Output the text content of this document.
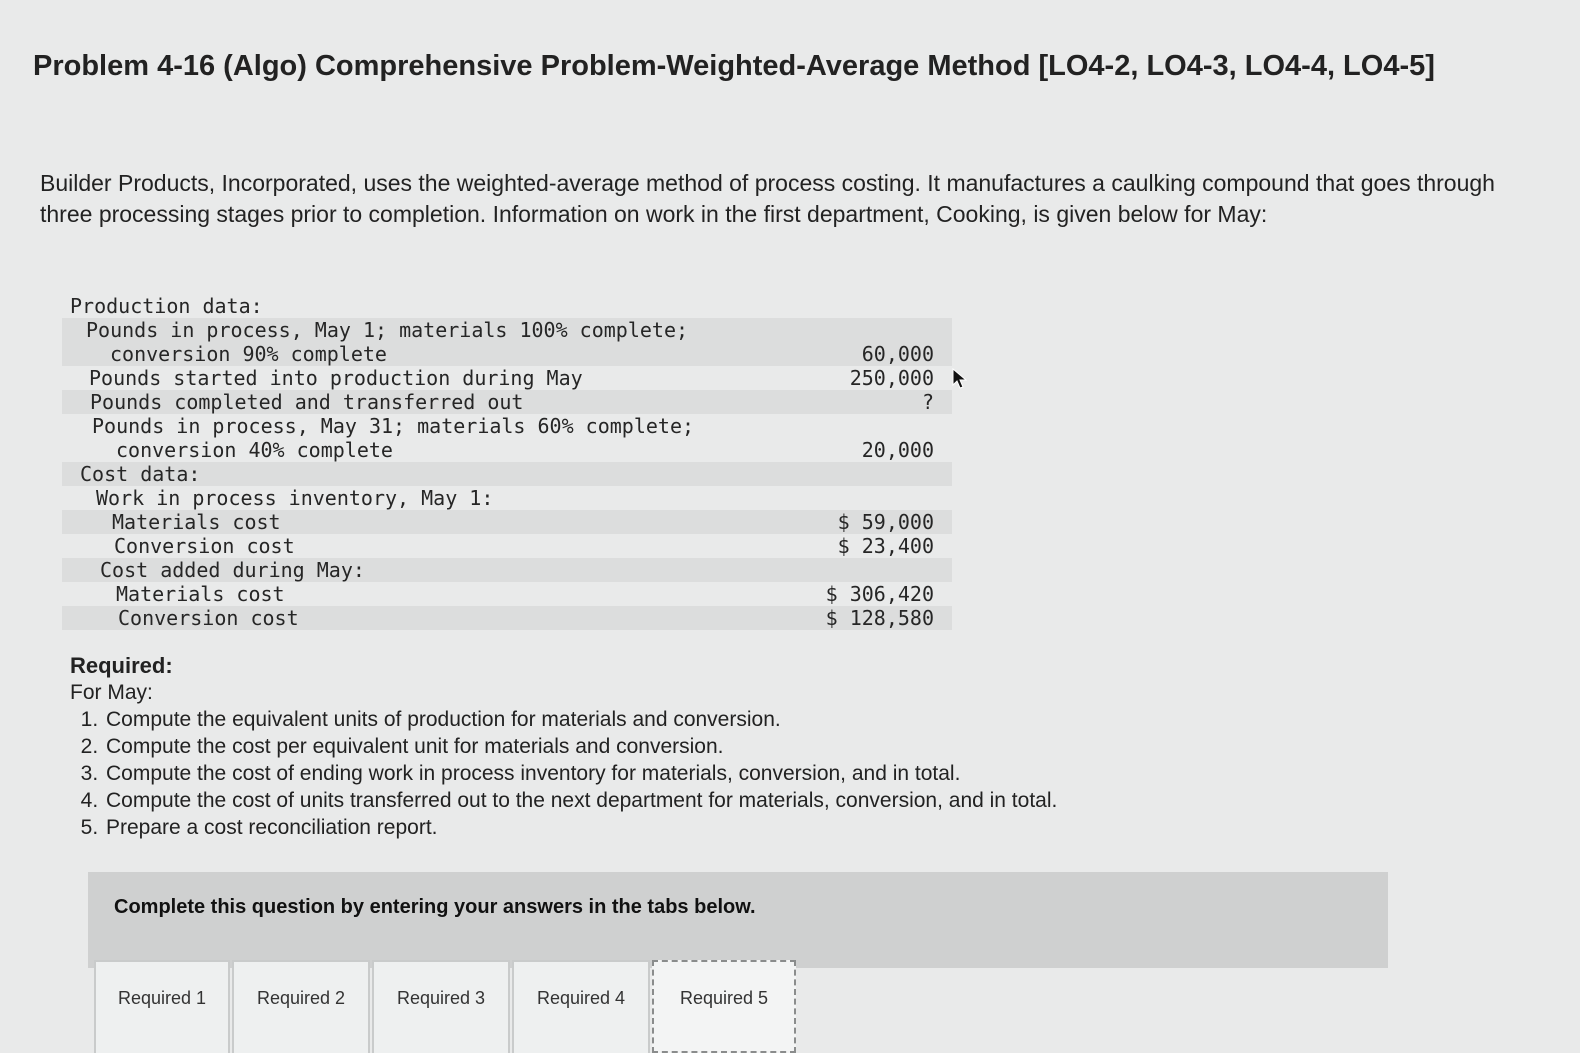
Problem 4-16 (Algo) Comprehensive Problem-Weighted-Average Method [LO4-2, LO4-3, LO4-4, LO4-5]
Builder Products, Incorporated, uses the weighted-average method of process costing. It manufactures a caulking compound that goes through three processing stages prior to completion. Information on work in the first department, Cooking, is given below for May:
Production data:
Pounds in process, May 1; materials 100% complete;
conversion 90% complete	60,000
Pounds started into production during May	250,000
Pounds completed and transferred out	?
Pounds in process, May 31; materials 60% complete;
conversion 40% complete	20,000
Cost data:
Work in process inventory, May 1:
Materials cost	$ 59,000
Conversion cost	$ 23,400
Cost added during May:
Materials cost	$ 306,420
Conversion cost	$ 128,580
Required:
For May:
1. Compute the equivalent units of production for materials and conversion.
2. Compute the cost per equivalent unit for materials and conversion.
3. Compute the cost of ending work in process inventory for materials, conversion, and in total.
4. Compute the cost of units transferred out to the next department for materials, conversion, and in total.
5. Prepare a cost reconciliation report.
Complete this question by entering your answers in the tabs below.
Required 1	Required 2	Required 3	Required 4	Required 5
